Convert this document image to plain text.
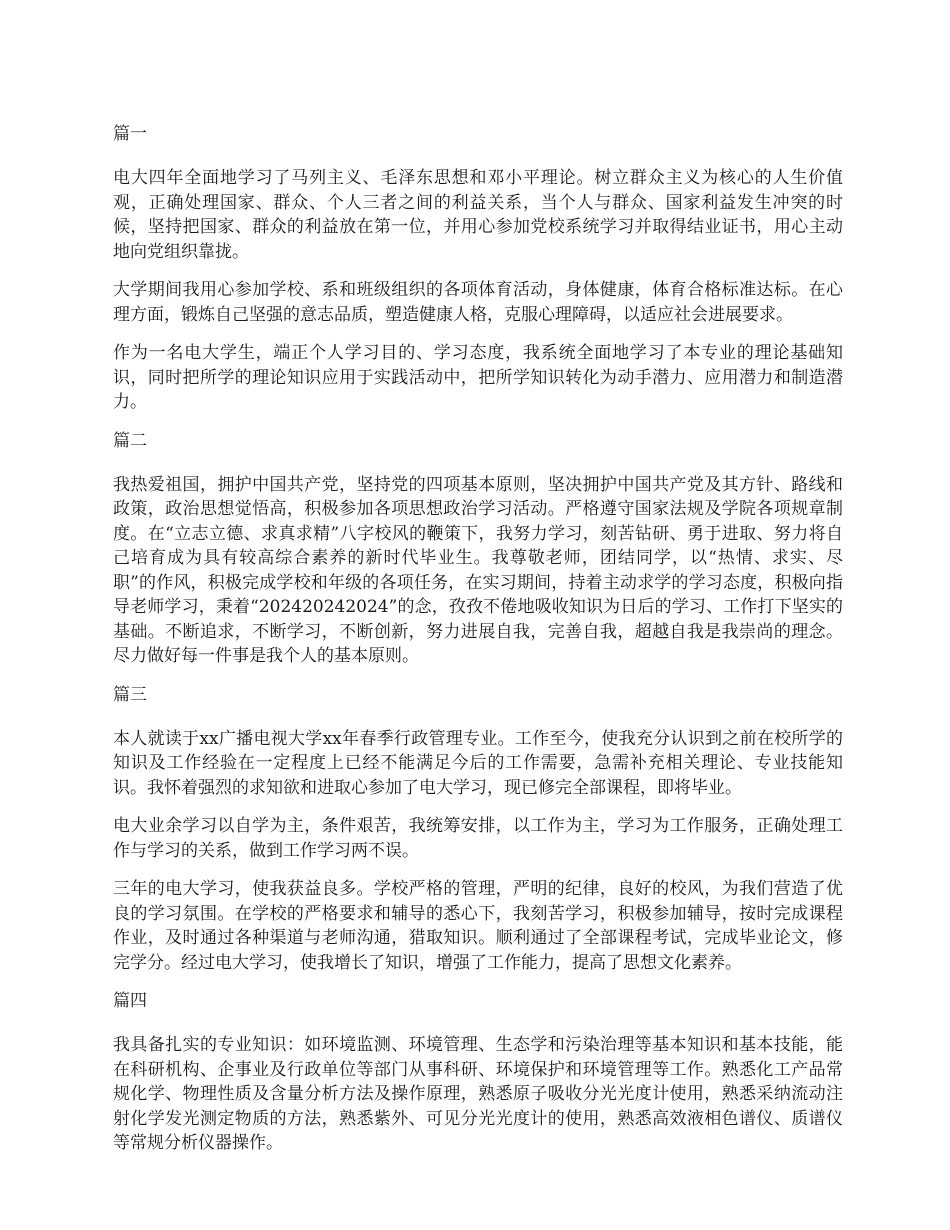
篇一

电大四年全面地学习了马列主义、毛泽东思想和邓小平理论。树立群众主义为核心的人生价值观，正确处理国家、群众、个人三者之间的利益关系，当个人与群众、国家利益发生冲突的时候，坚持把国家、群众的利益放在第一位，并用心参加党校系统学习并取得结业证书，用心主动地向党组织靠拢。

大学期间我用心参加学校、系和班级组织的各项体育活动，身体健康，体育合格标准达标。在心理方面，锻炼自己坚强的意志品质，塑造健康人格，克服心理障碍，以适应社会进展要求。

作为一名电大学生，端正个人学习目的、学习态度，我系统全面地学习了本专业的理论基础知识，同时把所学的理论知识应用于实践活动中，把所学知识转化为动手潜力、应用潜力和制造潜力。

篇二

我热爱祖国，拥护中国共产党，坚持党的四项基本原则，坚决拥护中国共产党及其方针、路线和政策，政治思想觉悟高，积极参加各项思想政治学习活动。严格遵守国家法规及学院各项规章制度。在“立志立德、求真求精”八字校风的鞭策下，我努力学习，刻苦钻研、勇于进取、努力将自己培育成为具有较高综合素养的新时代毕业生。我尊敬老师，团结同学，以“热情、求实、尽职”的作风，积极完成学校和年级的各项任务，在实习期间，持着主动求学的学习态度，积极向指导老师学习，秉着“20242024​2024”的念，孜孜不倦地吸收知识为日后的学习、工作打下坚实的基础。不断追求，不断学习，不断创新，努力进展自我，完善自我，超越自我是我崇尚的理念。尽力做好每一件事是我个人的基本原则。

篇三

本人就读于xx广播电视大学xx年春季行政管理专业。工作至今，使我充分认识到之前在校所学的知识及工作经验在一定程度上已经不能满足今后的工作需要，急需补充相关理论、专业技能知识。我怀着强烈的求知欲和进取心参加了电大学习，现已修完全部课程，即将毕业。

电大业余学习以自学为主，条件艰苦，我统筹安排，以工作为主，学习为工作服务，正确处理工作与学习的关系，做到工作学习两不误。

三年的电大学习，使我获益良多。学校严格的管理，严明的纪律，良好的校风，为我们营造了优良的学习氛围。在学校的严格要求和辅导的悉心下，我刻苦学习，积极参加辅导，按时完成课程作业，及时通过各种渠道与老师沟通，猎取知识。顺利通过了全部课程考试，完成毕业论文，修完学分。经过电大学习，使我增长了知识，增强了工作能力，提高了思想文化素养。

篇四

我具备扎实的专业知识：如环境监测、环境管理、生态学和污染治理等基本知识和基本技能，能在科研机构、企事业及行政单位等部门从事科研、环境保护和环境管理等工作。熟悉化工产品常规化学、物理性质及含量分析方法及操作原理，熟悉原子吸收分光光度计使用，熟悉采纳流动注射化学发光测定物质的方法，熟悉紫外、可见分光光度计的使用，熟悉高效液相色谱仪、质谱仪等常规分析仪器操作。
